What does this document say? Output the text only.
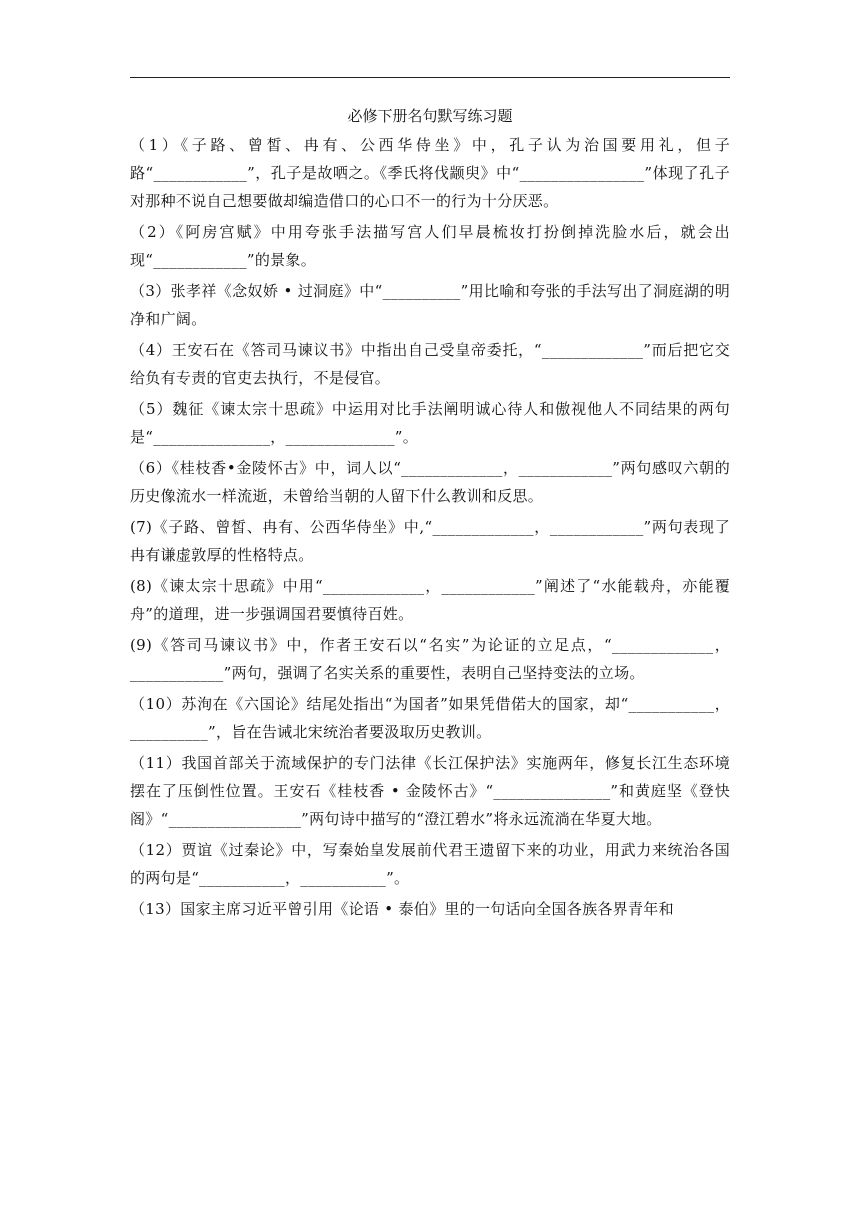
必修下册名句默写练习题
（1）《子路、曾皙、冉有、公西华侍坐》中，孔子认为治国要用礼，但子路“____________”，孔子是故哂之。《季氏将伐颛臾》中“________________”体现了孔子对那种不说自己想要做却编造借口的心口不一的行为十分厌恶。
（2）《阿房宫赋》中用夸张手法描写宫人们早晨梳妆打扮倒掉洗脸水后，就会出现“____________”的景象。
（3）张孝祥《念奴娇 • 过洞庭》中“__________”用比喻和夸张的手法写出了洞庭湖的明净和广阔。
（4）王安石在《答司马谏议书》中指出自己受皇帝委托，“_____________”而后把它交给负有专责的官吏去执行，不是侵官。
（5）魏征《谏太宗十思疏》中运用对比手法阐明诚心待人和傲视他人不同结果的两句是“_______________，______________”。
（6）《桂枝香•金陵怀古》中，词人以“_____________，____________”两句感叹六朝的历史像流水一样流逝，未曾给当朝的人留下什么教训和反思。
(7)《子路、曾皙、冉有、公西华侍坐》中,“_____________，____________”两句表现了冉有谦虚敦厚的性格特点。
(8)《谏太宗十思疏》中用“_____________，____________”阐述了“水能载舟，亦能覆舟”的道理，进一步强调国君要慎待百姓。
(9)《答司马谏议书》中，作者王安石以“名实”为论证的立足点，“_____________，____________”两句，强调了名实关系的重要性，表明自己坚持变法的立场。
（10）苏洵在《六国论》结尾处指出“为国者”如果凭借偌大的国家，却“___________，__________”，旨在告诫北宋统治者要汲取历史教训。
（11）我国首部关于流域保护的专门法律《长江保护法》实施两年，修复长江生态环境摆在了压倒性位置。王安石《桂枝香 • 金陵怀古》“_______________”和黄庭坚《登快阁》“_________________”两句诗中描写的“澄江碧水”将永远流淌在华夏大地。
（12）贾谊《过秦论》中，写秦始皇发展前代君王遗留下来的功业，用武力来统治各国的两句是“___________，___________”。
（13）国家主席习近平曾引用《论语 • 泰伯》里的一句话向全国各族各界青年和
